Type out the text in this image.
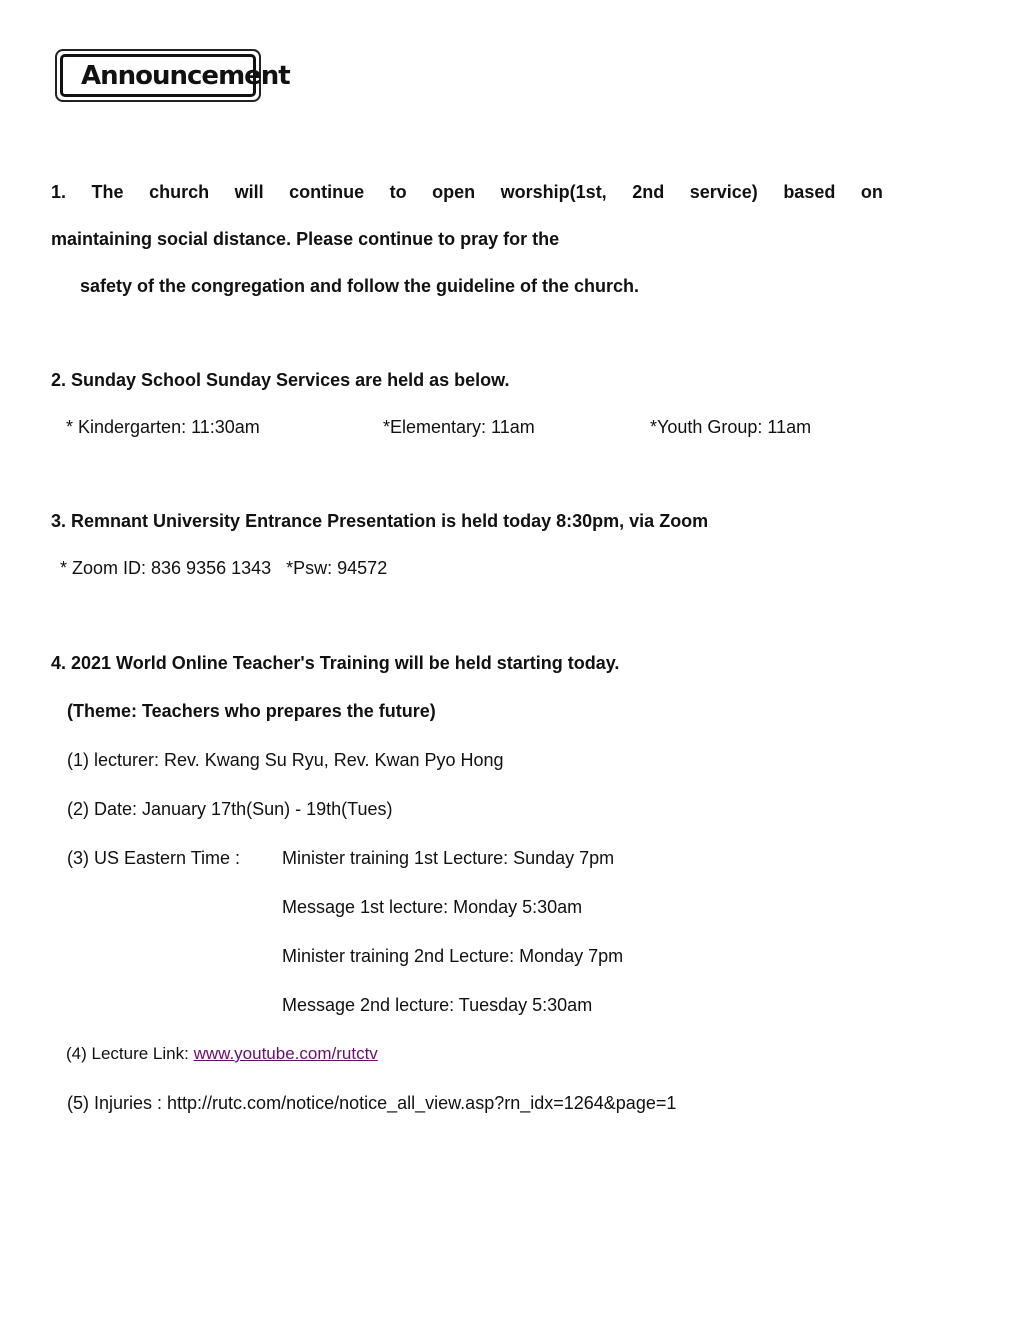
Announcement
1. The church will continue to open worship(1st, 2nd service) based on
maintaining social distance. Please continue to pray for the
safety of the congregation and follow the guideline of the church.
2. Sunday School Sunday Services are held as below.
* Kindergarten: 11:30am	*Elementary: 11am	*Youth Group: 11am
3. Remnant University Entrance Presentation is held today 8:30pm, via Zoom
* Zoom ID: 836 9356 1343   *Psw: 94572
4. 2021 World Online Teacher's Training will be held starting today.
(Theme: Teachers who prepares the future)
(1) lecturer: Rev. Kwang Su Ryu, Rev. Kwan Pyo Hong
(2) Date: January 17th(Sun) - 19th(Tues)
(3) US Eastern Time : Minister training 1st Lecture: Sunday 7pm
Message 1st lecture: Monday 5:30am
Minister training 2nd Lecture: Monday 7pm
Message 2nd lecture: Tuesday 5:30am
(4) Lecture Link: www.youtube.com/rutctv
(5) Injuries : http://rutc.com/notice/notice_all_view.asp?rn_idx=1264&page=1
